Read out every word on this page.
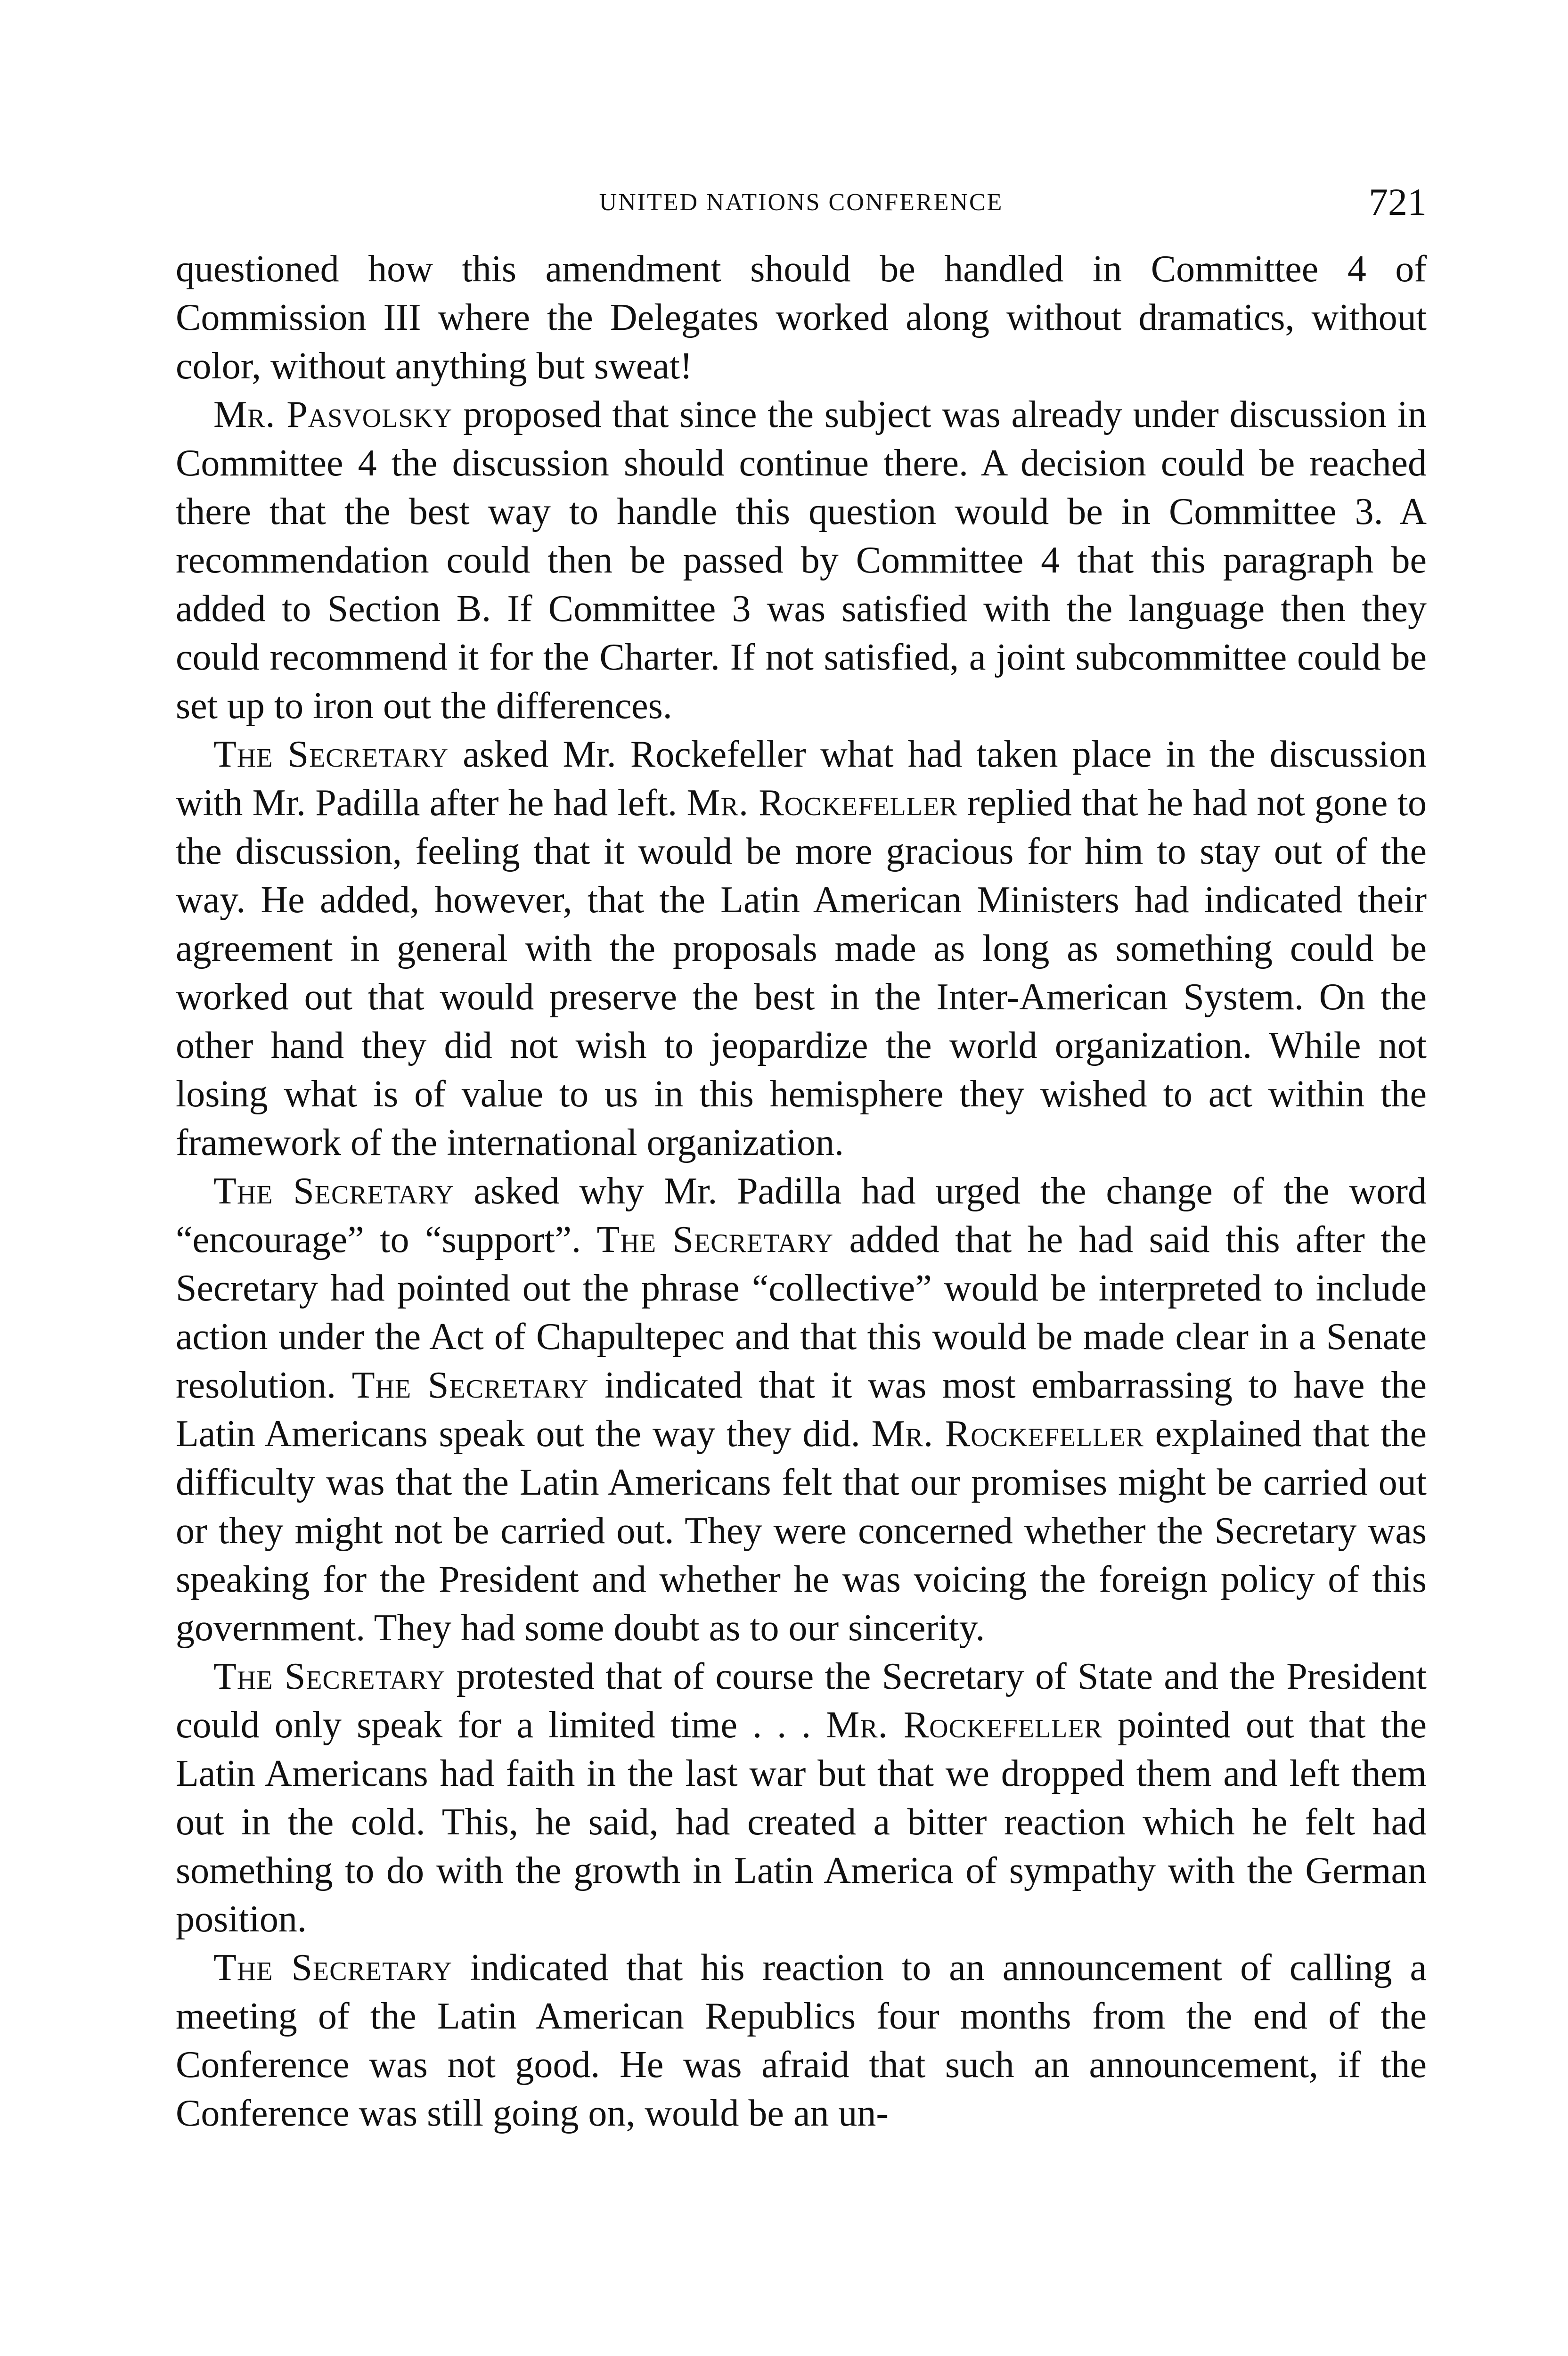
UNITED NATIONS CONFERENCE	721

questioned how this amendment should be handled in Committee 4 of Commission III where the Delegates worked along without dramatics, without color, without anything but sweat!

Mr. Pasvolsky proposed that since the subject was already under discussion in Committee 4 the discussion should continue there. A decision could be reached there that the best way to handle this question would be in Committee 3. A recommendation could then be passed by Committee 4 that this paragraph be added to Section B. If Committee 3 was satisfied with the language then they could recommend it for the Charter. If not satisfied, a joint subcommittee could be set up to iron out the differences.

The Secretary asked Mr. Rockefeller what had taken place in the discussion with Mr. Padilla after he had left. Mr. Rockefeller replied that he had not gone to the discussion, feeling that it would be more gracious for him to stay out of the way. He added, however, that the Latin American Ministers had indicated their agreement in general with the proposals made as long as something could be worked out that would preserve the best in the Inter-American System. On the other hand they did not wish to jeopardize the world organization. While not losing what is of value to us in this hemisphere they wished to act within the framework of the international organization.

The Secretary asked why Mr. Padilla had urged the change of the word “encourage” to “support”. The Secretary added that he had said this after the Secretary had pointed out the phrase “collective” would be interpreted to include action under the Act of Chapultepec and that this would be made clear in a Senate resolution. The Secretary indicated that it was most embarrassing to have the Latin Americans speak out the way they did. Mr. Rockefeller explained that the difficulty was that the Latin Americans felt that our promises might be carried out or they might not be carried out. They were concerned whether the Secretary was speaking for the President and whether he was voicing the foreign policy of this government. They had some doubt as to our sincerity.

The Secretary protested that of course the Secretary of State and the President could only speak for a limited time . . . Mr. Rockefeller pointed out that the Latin Americans had faith in the last war but that we dropped them and left them out in the cold. This, he said, had created a bitter reaction which he felt had something to do with the growth in Latin America of sympathy with the German position.

The Secretary indicated that his reaction to an announcement of calling a meeting of the Latin American Republics four months from the end of the Conference was not good. He was afraid that such an announcement, if the Conference was still going on, would be an un-
